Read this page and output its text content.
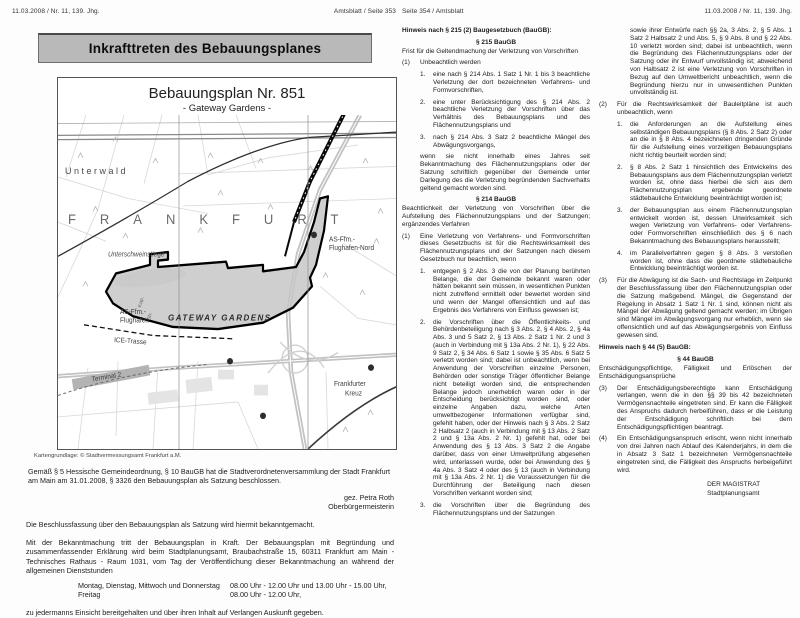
11.03.2008 / Nr. 11, 139. Jhg.	Amtsblatt / Seite 353
Inkrafttreten des Bebauungsplanes
Bebauungsplan Nr. 851
- Gateway Gardens -
Unterwald
FRANKFURT
Unterschweinstiege
AS-Ffm.-
Flughafen-Nord
AS-Ffm.-
Flughafen GATEWAY GARDENS
ICE-Trasse
Kap.
Str.
Terminal 2
Frankfurter
Kreuz
Kartengrundlage: © Stadtvermessungsamt Frankfurt a.M.

Gemäß § 5 Hessische Gemeindeordnung, § 10 BauGB hat die Stadtverordnetenversammlung der Stadt Frankfurt am Main am 31.01.2008, § 3326 den Bebauungsplan als Satzung beschlossen.

gez. Petra Roth
Oberbürgermeisterin

Die Beschlussfassung über den Bebauungsplan als Satzung wird hiermit bekanntgemacht.

Mit der Bekanntmachung tritt der Bebauungsplan in Kraft. Der Bebauungsplan mit Begründung und zusammenfassender Erklärung wird beim Stadtplanungsamt, Braubachstraße 15, 60311 Frankfurt am Main - Technisches Rathaus - Raum 1031, vom Tag der Veröffentlichung dieser Bekanntmachung an während der allgemeinen Dienststunden

Montag, Dienstag, Mittwoch und Donnerstag	08.00 Uhr - 12.00 Uhr und 13.00 Uhr - 15.00 Uhr,
Freitag	08.00 Uhr - 12.00 Uhr,

zu jedermanns Einsicht bereitgehalten und über ihren Inhalt auf Verlangen Auskunft gegeben.

Seite 354 / Amtsblatt	11.03.2008 / Nr. 11, 139. Jhg.

Hinweis nach § 215 (2) Baugesetzbuch (BauGB):

§ 215 BauGB

Frist für die Geltendmachung der Verletzung von Vorschriften

(1)	Unbeachtlich werden
1.	eine nach § 214 Abs. 1 Satz 1 Nr. 1 bis 3 beachtliche Verletzung der dort bezeichneten Verfahrens- und Formvorschriften,
2.	eine unter Berücksichtigung des § 214 Abs. 2 beachtliche Verletzung der Vorschriften über das Verhältnis des Bebauungsplans und des Flächennutzungsplans und
3.	nach § 214 Abs. 3 Satz 2 beachtliche Mängel des Abwägungsvorgangs,

wenn sie nicht innerhalb eines Jahres seit Bekanntmachung des Flächennutzungsplans oder der Satzung schriftlich gegenüber der Gemeinde unter Darlegung des die Verletzung begründenden Sachverhalts geltend gemacht worden sind.

§ 214 BauGB

Beachtlichkeit der Verletzung von Vorschriften über die Aufstellung des Flächennutzungsplans und der Satzungen; ergänzendes Verfahren

(1)	Eine Verletzung von Verfahrens- und Formvorschriften dieses Gesetzbuchs ist für die Rechtswirksamkeit des Flächennutzungsplans und der Satzungen nach diesem Gesetzbuch nur beachtlich, wenn
1.	entgegen § 2 Abs. 3 die von der Planung berührten Belange, die der Gemeinde bekannt waren oder hätten bekannt sein müssen, in wesentlichen Punkten nicht zutreffend ermittelt oder bewertet worden sind und wenn der Mangel offensichtlich und auf das Ergebnis des Verfahrens von Einfluss gewesen ist;
2.	die Vorschriften über die Öffentlichkeits- und Behördenbeteiligung nach § 3 Abs. 2, § 4 Abs. 2, § 4a Abs. 3 und 5 Satz 2, § 13 Abs. 2 Satz 1 Nr. 2 und 3 (auch in Verbindung mit § 13a Abs. 2 Nr. 1), § 22 Abs. 9 Satz 2, § 34 Abs. 6 Satz 1 sowie § 35 Abs. 6 Satz 5 verletzt worden sind; dabei ist unbeachtlich, wenn bei Anwendung der Vorschriften einzelne Personen, Behörden oder sonstige Träger öffentlicher Belange nicht beteiligt worden sind, die entsprechenden Belange jedoch unerheblich waren oder in der Entscheidung berücksichtigt worden sind, oder einzelne Angaben dazu, welche Arten umweltbezogener Informationen verfügbar sind, gefehlt haben, oder der Hinweis nach § 3 Abs. 2 Satz 2 Halbsatz 2 (auch in Verbindung mit § 13 Abs. 2 Satz 2 und § 13a Abs. 2 Nr. 1) gefehlt hat, oder bei Anwendung des § 13 Abs. 3 Satz 2 die Angabe darüber, dass von einer Umweltprüfung abgesehen wird, unterlassen wurde, oder bei Anwendung des § 4a Abs. 3 Satz 4 oder des § 13 (auch in Verbindung mit § 13a Abs. 2 Nr. 1) die Voraussetzungen für die Durchführung der Beteiligung nach diesen Vorschriften verkannt worden sind;
3.	die Vorschriften über die Begründung des Flächennutzungsplans und der Satzungen

sowie ihrer Entwürfe nach §§ 2a, 3 Abs. 2, § 5 Abs. 1 Satz 2 Halbsatz 2 und Abs. 5, § 9 Abs. 8 und § 22 Abs. 10 verletzt worden sind; dabei ist unbeachtlich, wenn die Begründung des Flächennutzungsplans oder der Satzung oder ihr Entwurf unvollständig ist; abweichend von Halbsatz 2 ist eine Verletzung von Vorschriften in Bezug auf den Umweltbericht unbeachtlich, wenn die Begründung hierzu nur in unwesentlichen Punkten unvollständig ist.

(2)	Für die Rechtswirksamkeit der Bauleitpläne ist auch unbeachtlich, wenn
1.	die Anforderungen an die Aufstellung eines selbständigen Bebauungsplans (§ 8 Abs. 2 Satz 2) oder an die in § 8 Abs. 4 bezeichneten dringenden Gründe für die Aufstellung eines vorzeitigen Bebauungsplans nicht richtig beurteilt worden sind;
2.	§ 8 Abs. 2 Satz 1 hinsichtlich des Entwickelns des Bebauungsplans aus dem Flächennutzungsplan verletzt worden ist, ohne dass hierbei die sich aus dem Flächennutzungsplan ergebende geordnete städtebauliche Entwicklung beeinträchtigt worden ist;
3.	der Bebauungsplan aus einem Flächennutzungsplan entwickelt worden ist, dessen Unwirksamkeit sich wegen Verletzung von Verfahrens- oder Verfahrens- oder Formvorschriften einschließlich des § 6 nach Bekanntmachung des Bebauungsplans herausstellt;
4.	im Parallelverfahren gegen § 8 Abs. 3 verstoßen worden ist, ohne dass die geordnete städtebauliche Entwicklung beeinträchtigt worden ist.
(3)	Für die Abwägung ist die Sach- und Rechtslage im Zeitpunkt der Beschlussfassung über den Flächennutzungsplan oder die Satzung maßgebend. Mängel, die Gegenstand der Regelung in Absatz 1 Satz 1 Nr. 1 sind, können nicht als Mängel der Abwägung geltend gemacht werden; im Übrigen sind Mängel im Abwägungsvorgang nur erheblich, wenn sie offensichtlich und auf das Abwägungsergebnis von Einfluss gewesen sind.

Hinweis nach § 44 (5) BauGB:

§ 44 BauGB

Entschädigungspflichtige, Fälligkeit und Erlöschen der Entschädigungsansprüche

(3)	Der Entschädigungsberechtigte kann Entschädigung verlangen, wenn die in den §§ 39 bis 42 bezeichneten Vermögensnachteile eingetreten sind. Er kann die Fälligkeit des Anspruchs dadurch herbeiführen, dass er die Leistung der Entschädigung schriftlich bei dem Entschädigungspflichtigen beantragt.
(4)	Ein Entschädigungsanspruch erlischt, wenn nicht innerhalb von drei Jahren nach Ablauf des Kalenderjahrs, in dem die in Absatz 3 Satz 1 bezeichneten Vermögensnachteile eingetreten sind, die Fälligkeit des Anspruchs herbeigeführt wird.
DER MAGISTRAT
Stadtplanungsamt
